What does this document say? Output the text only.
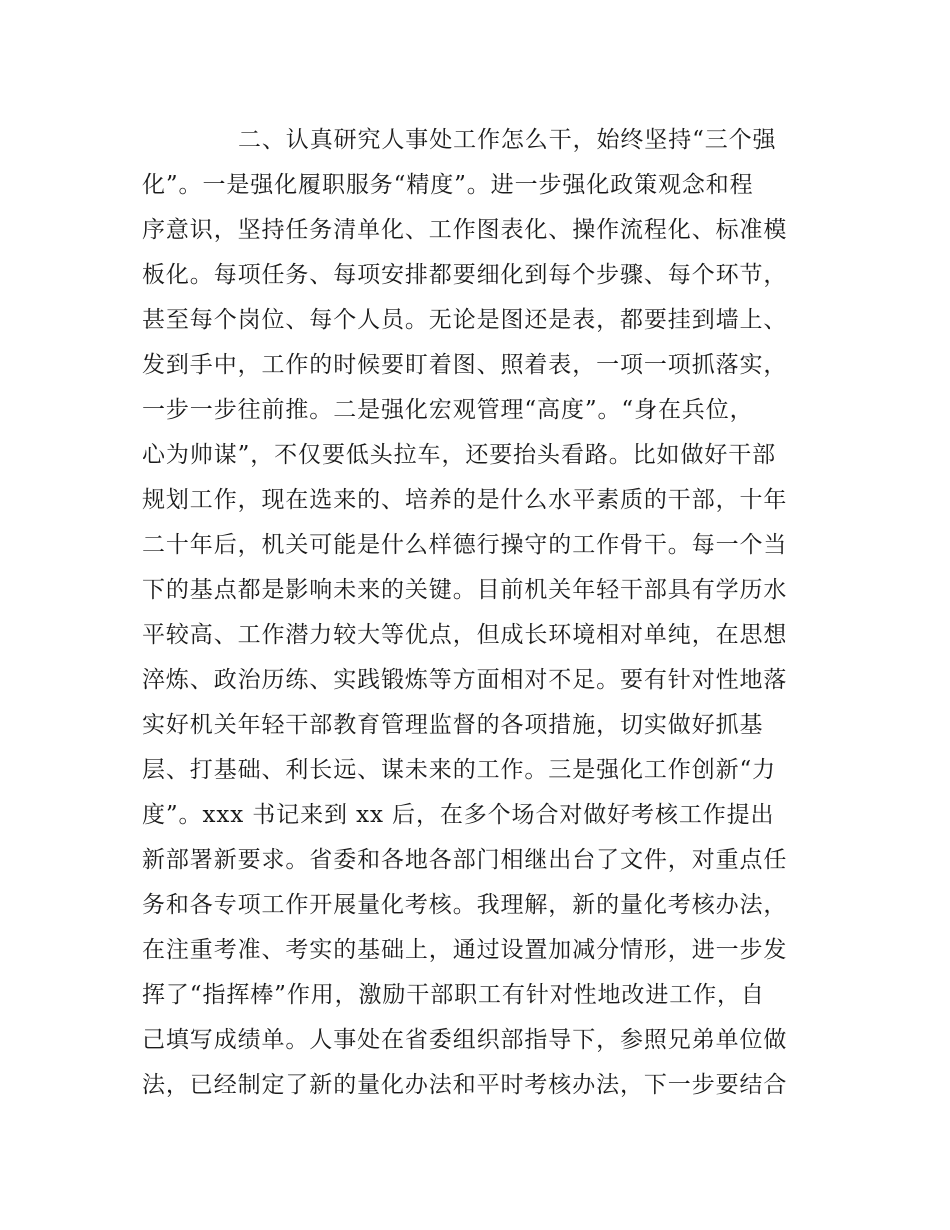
二、认真研究人事处工作怎么干，始终坚持“三个强
化”。一是强化履职服务“精度”。进一步强化政策观念和程
序意识，坚持任务清单化、工作图表化、操作流程化、标准模
板化。每项任务、每项安排都要细化到每个步骤、每个环节，
甚至每个岗位、每个人员。无论是图还是表，都要挂到墙上、
发到手中，工作的时候要盯着图、照着表，一项一项抓落实，
一步一步往前推。二是强化宏观管理“高度”。“身在兵位，
心为帅谋”，不仅要低头拉车，还要抬头看路。比如做好干部
规划工作，现在选来的、培养的是什么水平素质的干部，十年
二十年后，机关可能是什么样德行操守的工作骨干。每一个当
下的基点都是影响未来的关键。目前机关年轻干部具有学历水
平较高、工作潜力较大等优点，但成长环境相对单纯，在思想
淬炼、政治历练、实践锻炼等方面相对不足。要有针对性地落
实好机关年轻干部教育管理监督的各项措施，切实做好抓基
层、打基础、利长远、谋未来的工作。三是强化工作创新“力
度”。xxx 书记来到 xx 后，在多个场合对做好考核工作提出
新部署新要求。省委和各地各部门相继出台了文件，对重点任
务和各专项工作开展量化考核。我理解，新的量化考核办法，
在注重考准、考实的基础上，通过设置加减分情形，进一步发
挥了“指挥棒”作用，激励干部职工有针对性地改进工作，自
己填写成绩单。人事处在省委组织部指导下，参照兄弟单位做
法，已经制定了新的量化办法和平时考核办法，下一步要结合
